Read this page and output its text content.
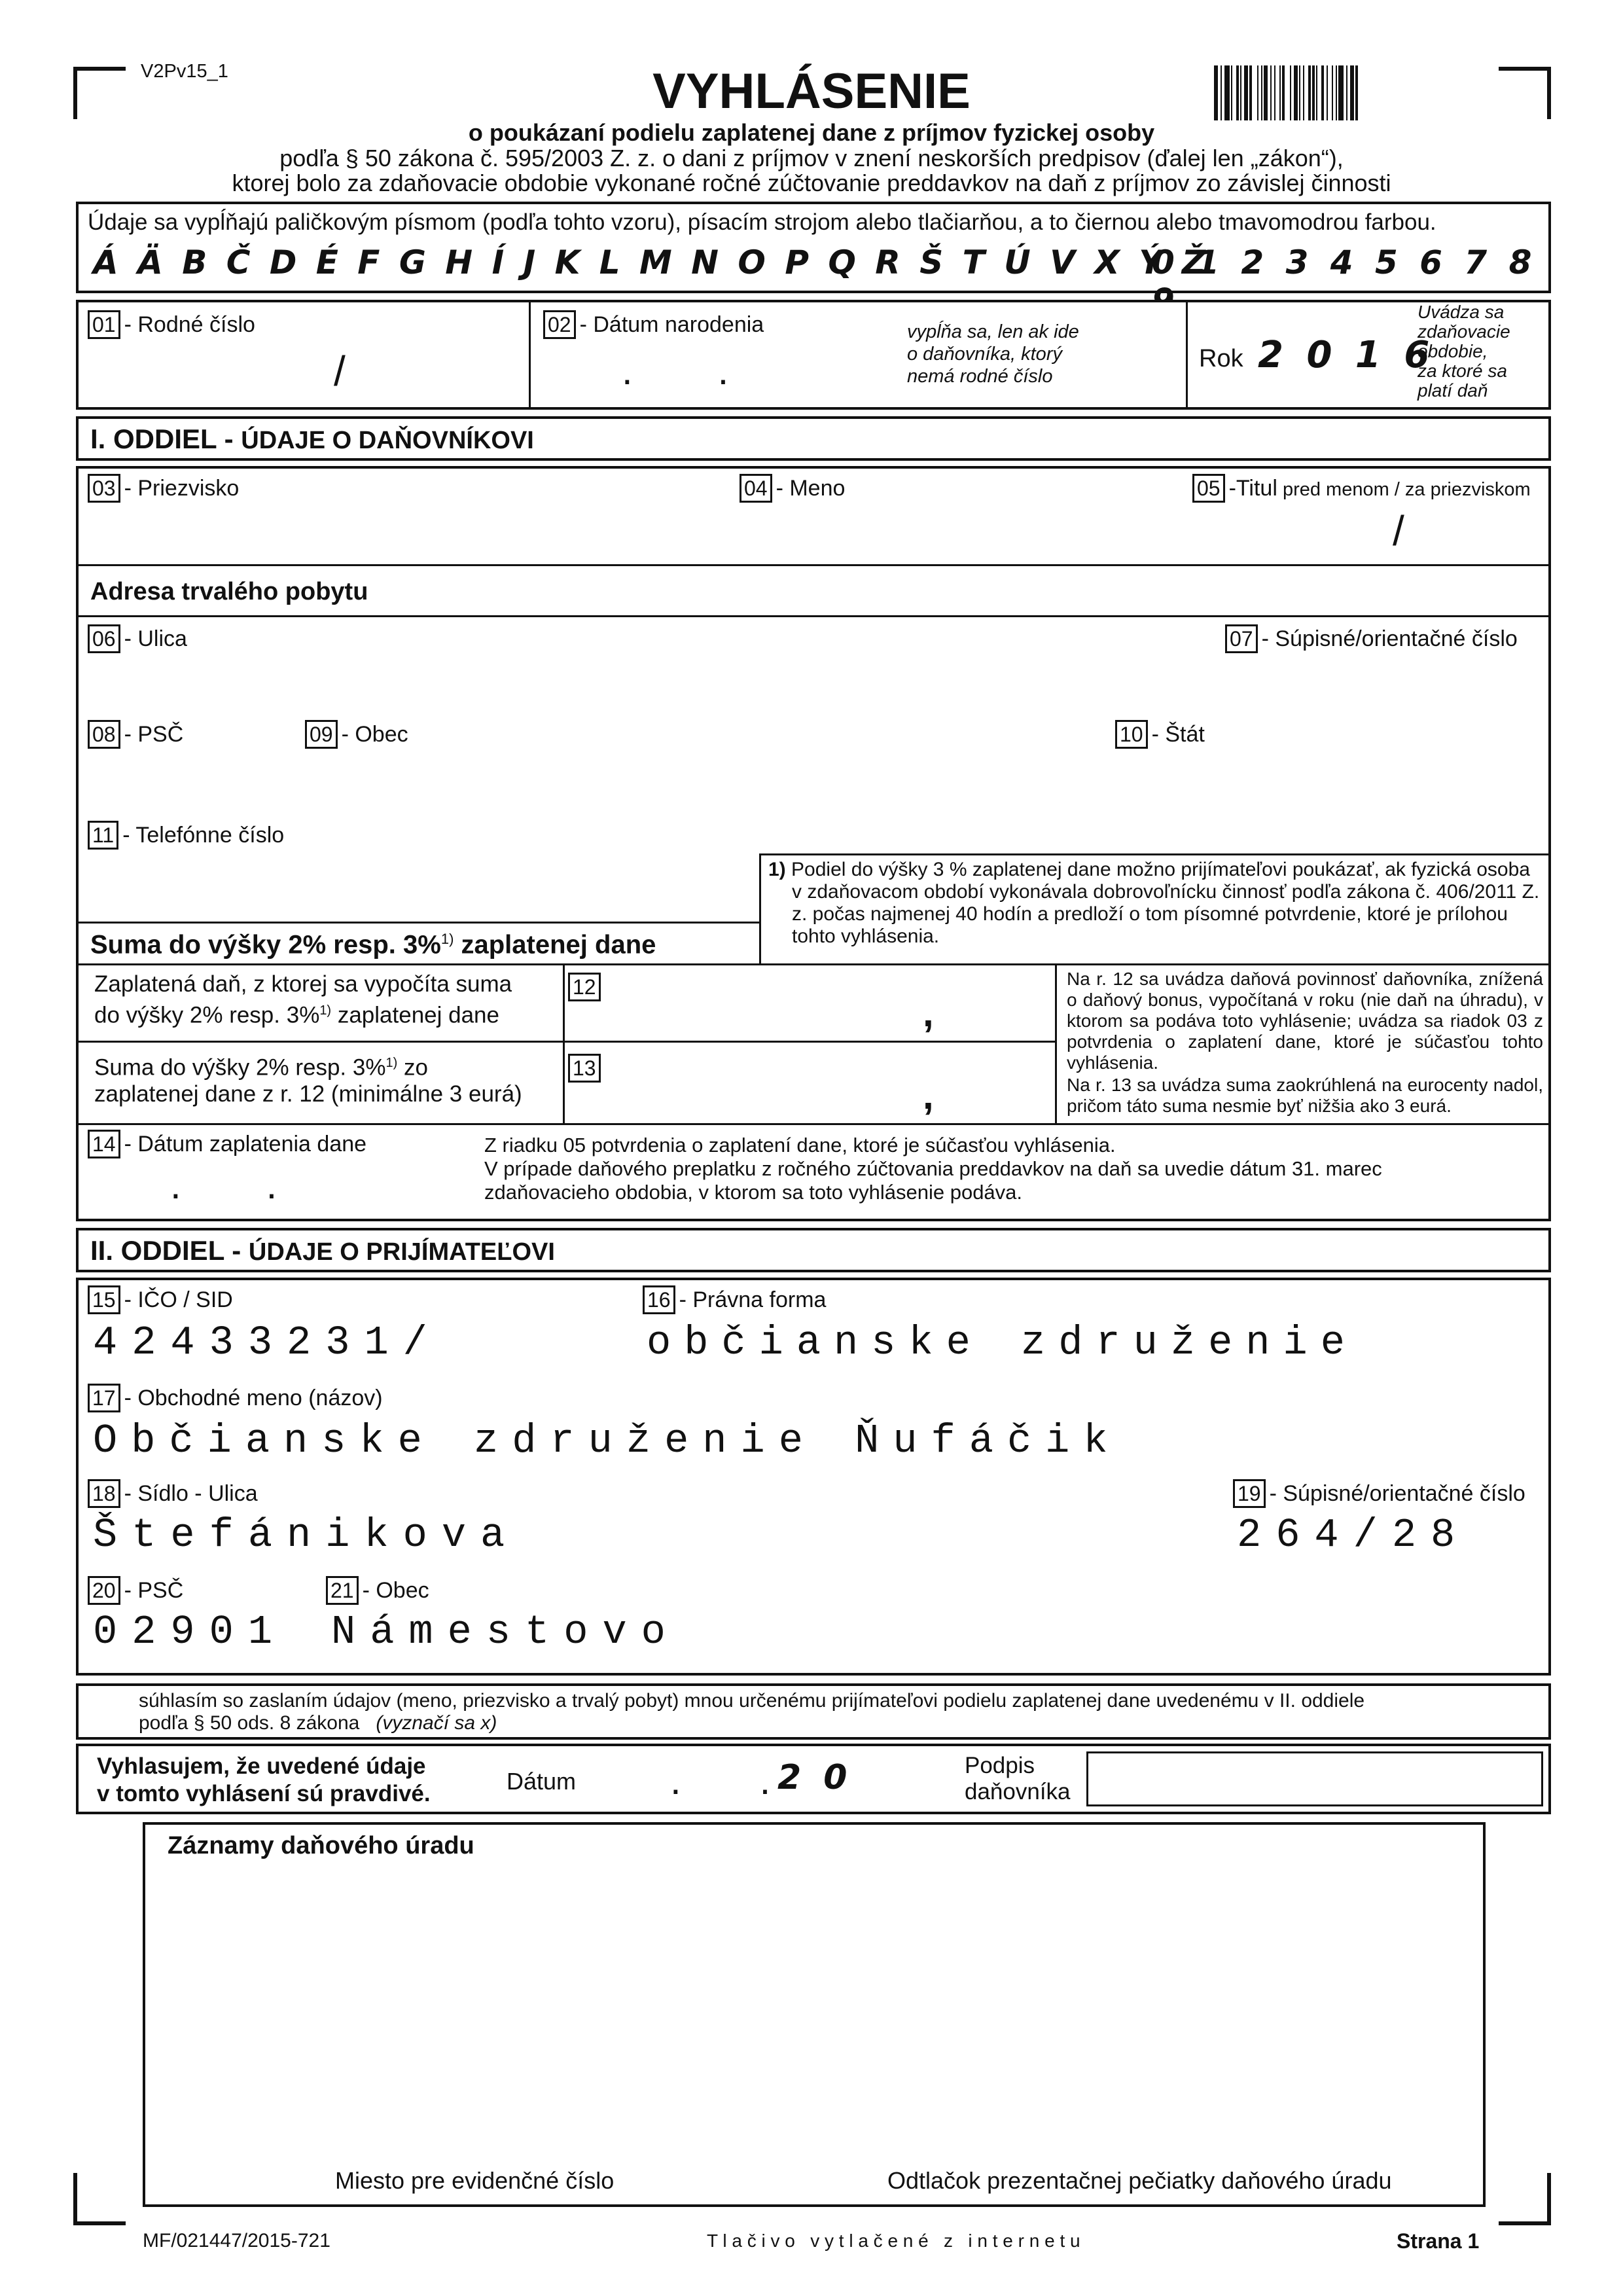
V2Pv15_1	VYHLÁSENIE
o poukázaní podielu zaplatenej dane z príjmov fyzickej osoby
podľa § 50 zákona č. 595/2003 Z. z. o dani z príjmov v znení neskorších predpisov (ďalej len „zákon“),
ktorej bolo za zdaňovacie obdobie vykonané ročné zúčtovanie preddavkov na daň z príjmov zo závislej činnosti
Údaje sa vypĺňajú paličkovým písmom (podľa tohto vzoru), písacím strojom alebo tlačiarňou, a to čiernou alebo tmavomodrou farbou.
Á Ä B Č D É F G H Í J K L M N O P Q R Š T Ú V X Ý Ž
0 1 2 3 4 5 6 7 8
01 - Rodné číslo
/
02 - Dátum narodenia
. .
vypĺňa sa, len ak ide
o daňovníka, ktorý
nemá rodné číslo
Rok 2 0 1 6
Uvádza sa
zdaňovacie
obdobie,
za ktoré sa
platí daň
I. ODDIEL - ÚDAJE O DAŇOVNÍKOVI
03 - Priezvisko	04 - Meno	05 -Titul pred menom / za priezviskom
/
Adresa trvalého pobytu
06 - Ulica	07 - Súpisné/orientačné číslo
08 - PSČ	09 - Obec	10 - Štát
11 - Telefónne číslo
1) Podiel do výšky 3 % zaplatenej dane možno prijímateľovi poukázať, ak fyzická osoba v zdaňovacom období vykonávala dobrovoľnícku činnosť podľa zákona č. 406/2011 Z. z. počas najmenej 40 hodín a predloží o tom písomné potvrdenie, ktoré je prílohou tohto vyhlásenia.
Suma do výšky 2% resp. 3%$^{1)}$ zaplatenej dane
Zaplatená daň, z ktorej sa vypočíta suma
do výšky 2% resp. 3%$^{1)}$ zaplatenej dane
12
,
Suma do výšky 2% resp. 3%$^{1)}$ zo
zaplatenej dane z r. 12 (minimálne 3 eurá)
13
,
Na r. 12 sa uvádza daňová povinnosť daňovníka, znížená o daňový bonus, vypočítaná v roku (nie daň na úhradu), v ktorom sa podáva toto vyhlásenie; uvádza sa riadok 03 z potvrdenia o zaplatení dane, ktoré je súčasťou tohto vyhlásenia.
Na r. 13 sa uvádza suma zaokrúhlená na eurocenty nadol, pričom táto suma nesmie byť nižšia ako 3 eurá.
14 - Dátum zaplatenia dane
. .
Z riadku 05 potvrdenia o zaplatení dane, ktoré je súčasťou vyhlásenia.
V prípade daňového preplatku z ročného zúčtovania preddavkov na daň sa uvedie dátum 31. marec
zdaňovacieho obdobia, v ktorom sa toto vyhlásenie podáva.
II. ODDIEL - ÚDAJE O PRIJÍMATEĽOVI
15 - IČO / SID
42433231/
16 - Právna forma
občianske združenie
17 - Obchodné meno (názov)
Občianske združenie Ňufáčik
18 - Sídlo - Ulica
Štefánikova
19 - Súpisné/orientačné číslo
264/28
20 - PSČ	21 - Obec
02901 Námestovo
súhlasím so zaslaním údajov (meno, priezvisko a trvalý pobyt) mnou určenému prijímateľovi podielu zaplatenej dane uvedenému v II. oddiele
podľa § 50 ods. 8 zákona (vyznačí sa x)
Vyhlasujem, že uvedené údaje
v tomto vyhlásení sú pravdivé.	Dátum . . 2 0	Podpis
daňovníka
Záznamy daňového úradu
Miesto pre evidenčné číslo	Odtlačok prezentačnej pečiatky daňového úradu
MF/021447/2015-721	T l a č i v o   v y t l a č e n é   z   i n t e r n e t u	Strana 1
